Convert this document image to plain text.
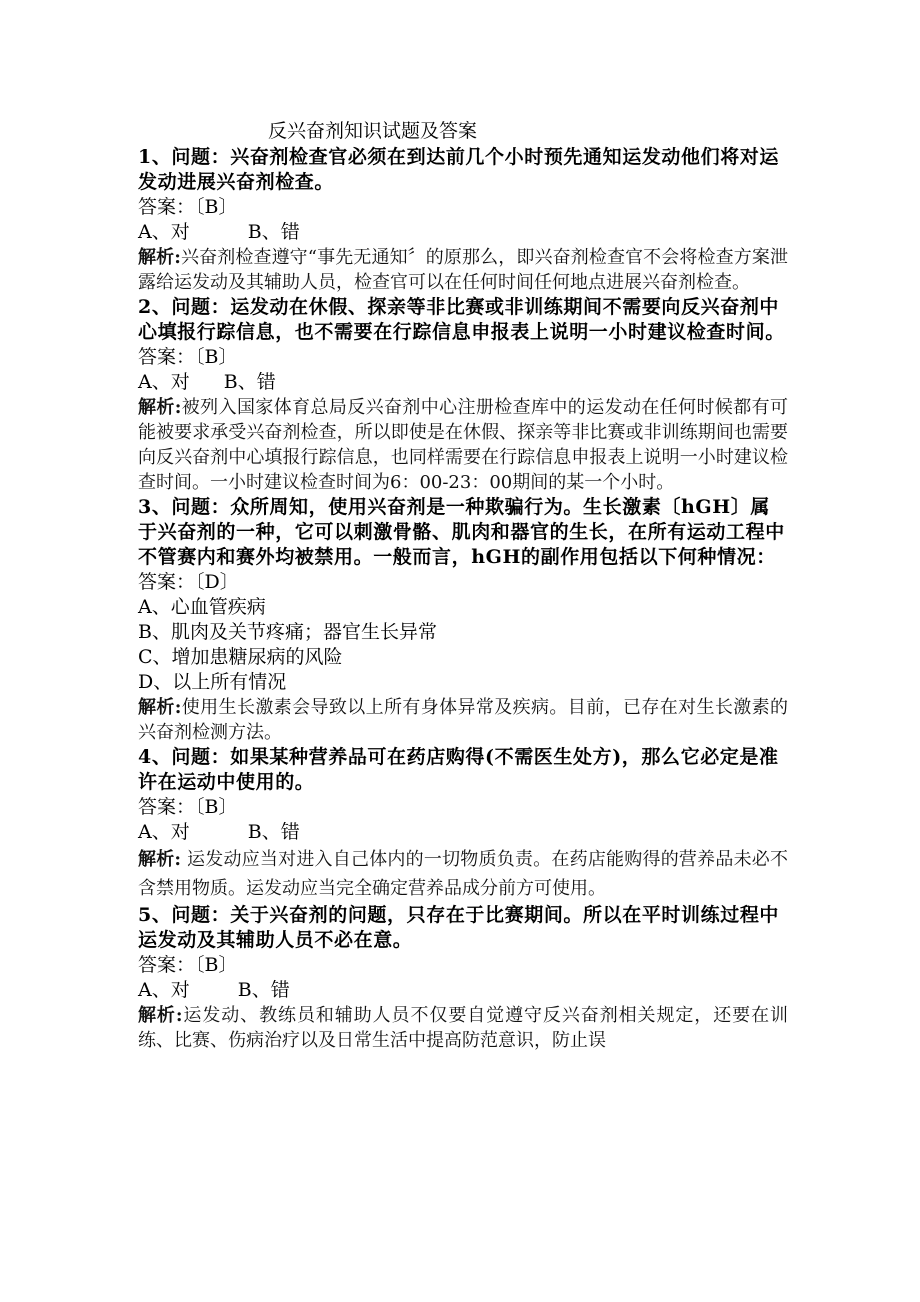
反兴奋剂知识试题及答案
1、问题：兴奋剂检查官必须在到达前几个小时预先通知运发动他们将对运发动进展兴奋剂检查。
答案：〔B〕
A、对	B、错
解析:兴奋剂检查遵守“事先无通知〞的原那么，即兴奋剂检查官不会将检查方案泄露给运发动及其辅助人员，检查官可以在任何时间任何地点进展兴奋剂检查。
2、问题：运发动在休假、探亲等非比赛或非训练期间不需要向反兴奋剂中心填报行踪信息，也不需要在行踪信息申报表上说明一小时建议检查时间。
答案：〔B〕
A、对 B、错
解析:被列入国家体育总局反兴奋剂中心注册检查库中的运发动在任何时候都有可能被要求承受兴奋剂检查，所以即使是在休假、探亲等非比赛或非训练期间也需要向反兴奋剂中心填报行踪信息，也同样需要在行踪信息申报表上说明一小时建议检查时间。一小时建议检查时间为6：00-23：00期间的某一个小时。
3、问题：众所周知，使用兴奋剂是一种欺骗行为。生长激素〔hGH〕属于兴奋剂的一种，它可以刺激骨骼、肌肉和器官的生长，在所有运动工程中不管赛内和赛外均被禁用。一般而言，hGH的副作用包括以下何种情况：
答案：〔D〕
A、心血管疾病
B、肌肉及关节疼痛；器官生长异常
C、增加患糖尿病的风险
D、以上所有情况
解析:使用生长激素会导致以上所有身体异常及疾病。目前，已存在对生长激素的兴奋剂检测方法。
4、问题：如果某种营养品可在药店购得(不需医生处方)，那么它必定是准许在运动中使用的。
答案：〔B〕
A、对	B、错
解析: 运发动应当对进入自己体内的一切物质负责。在药店能购得的营养品未必不含禁用物质。运发动应当完全确定营养品成分前方可使用。
5、问题：关于兴奋剂的问题，只存在于比赛期间。所以在平时训练过程中运发动及其辅助人员不必在意。
答案：〔B〕
A、对	B、错
解析:运发动、教练员和辅助人员不仅要自觉遵守反兴奋剂相关规定，还要在训练、比赛、伤病治疗以及日常生活中提高防范意识，防止误
